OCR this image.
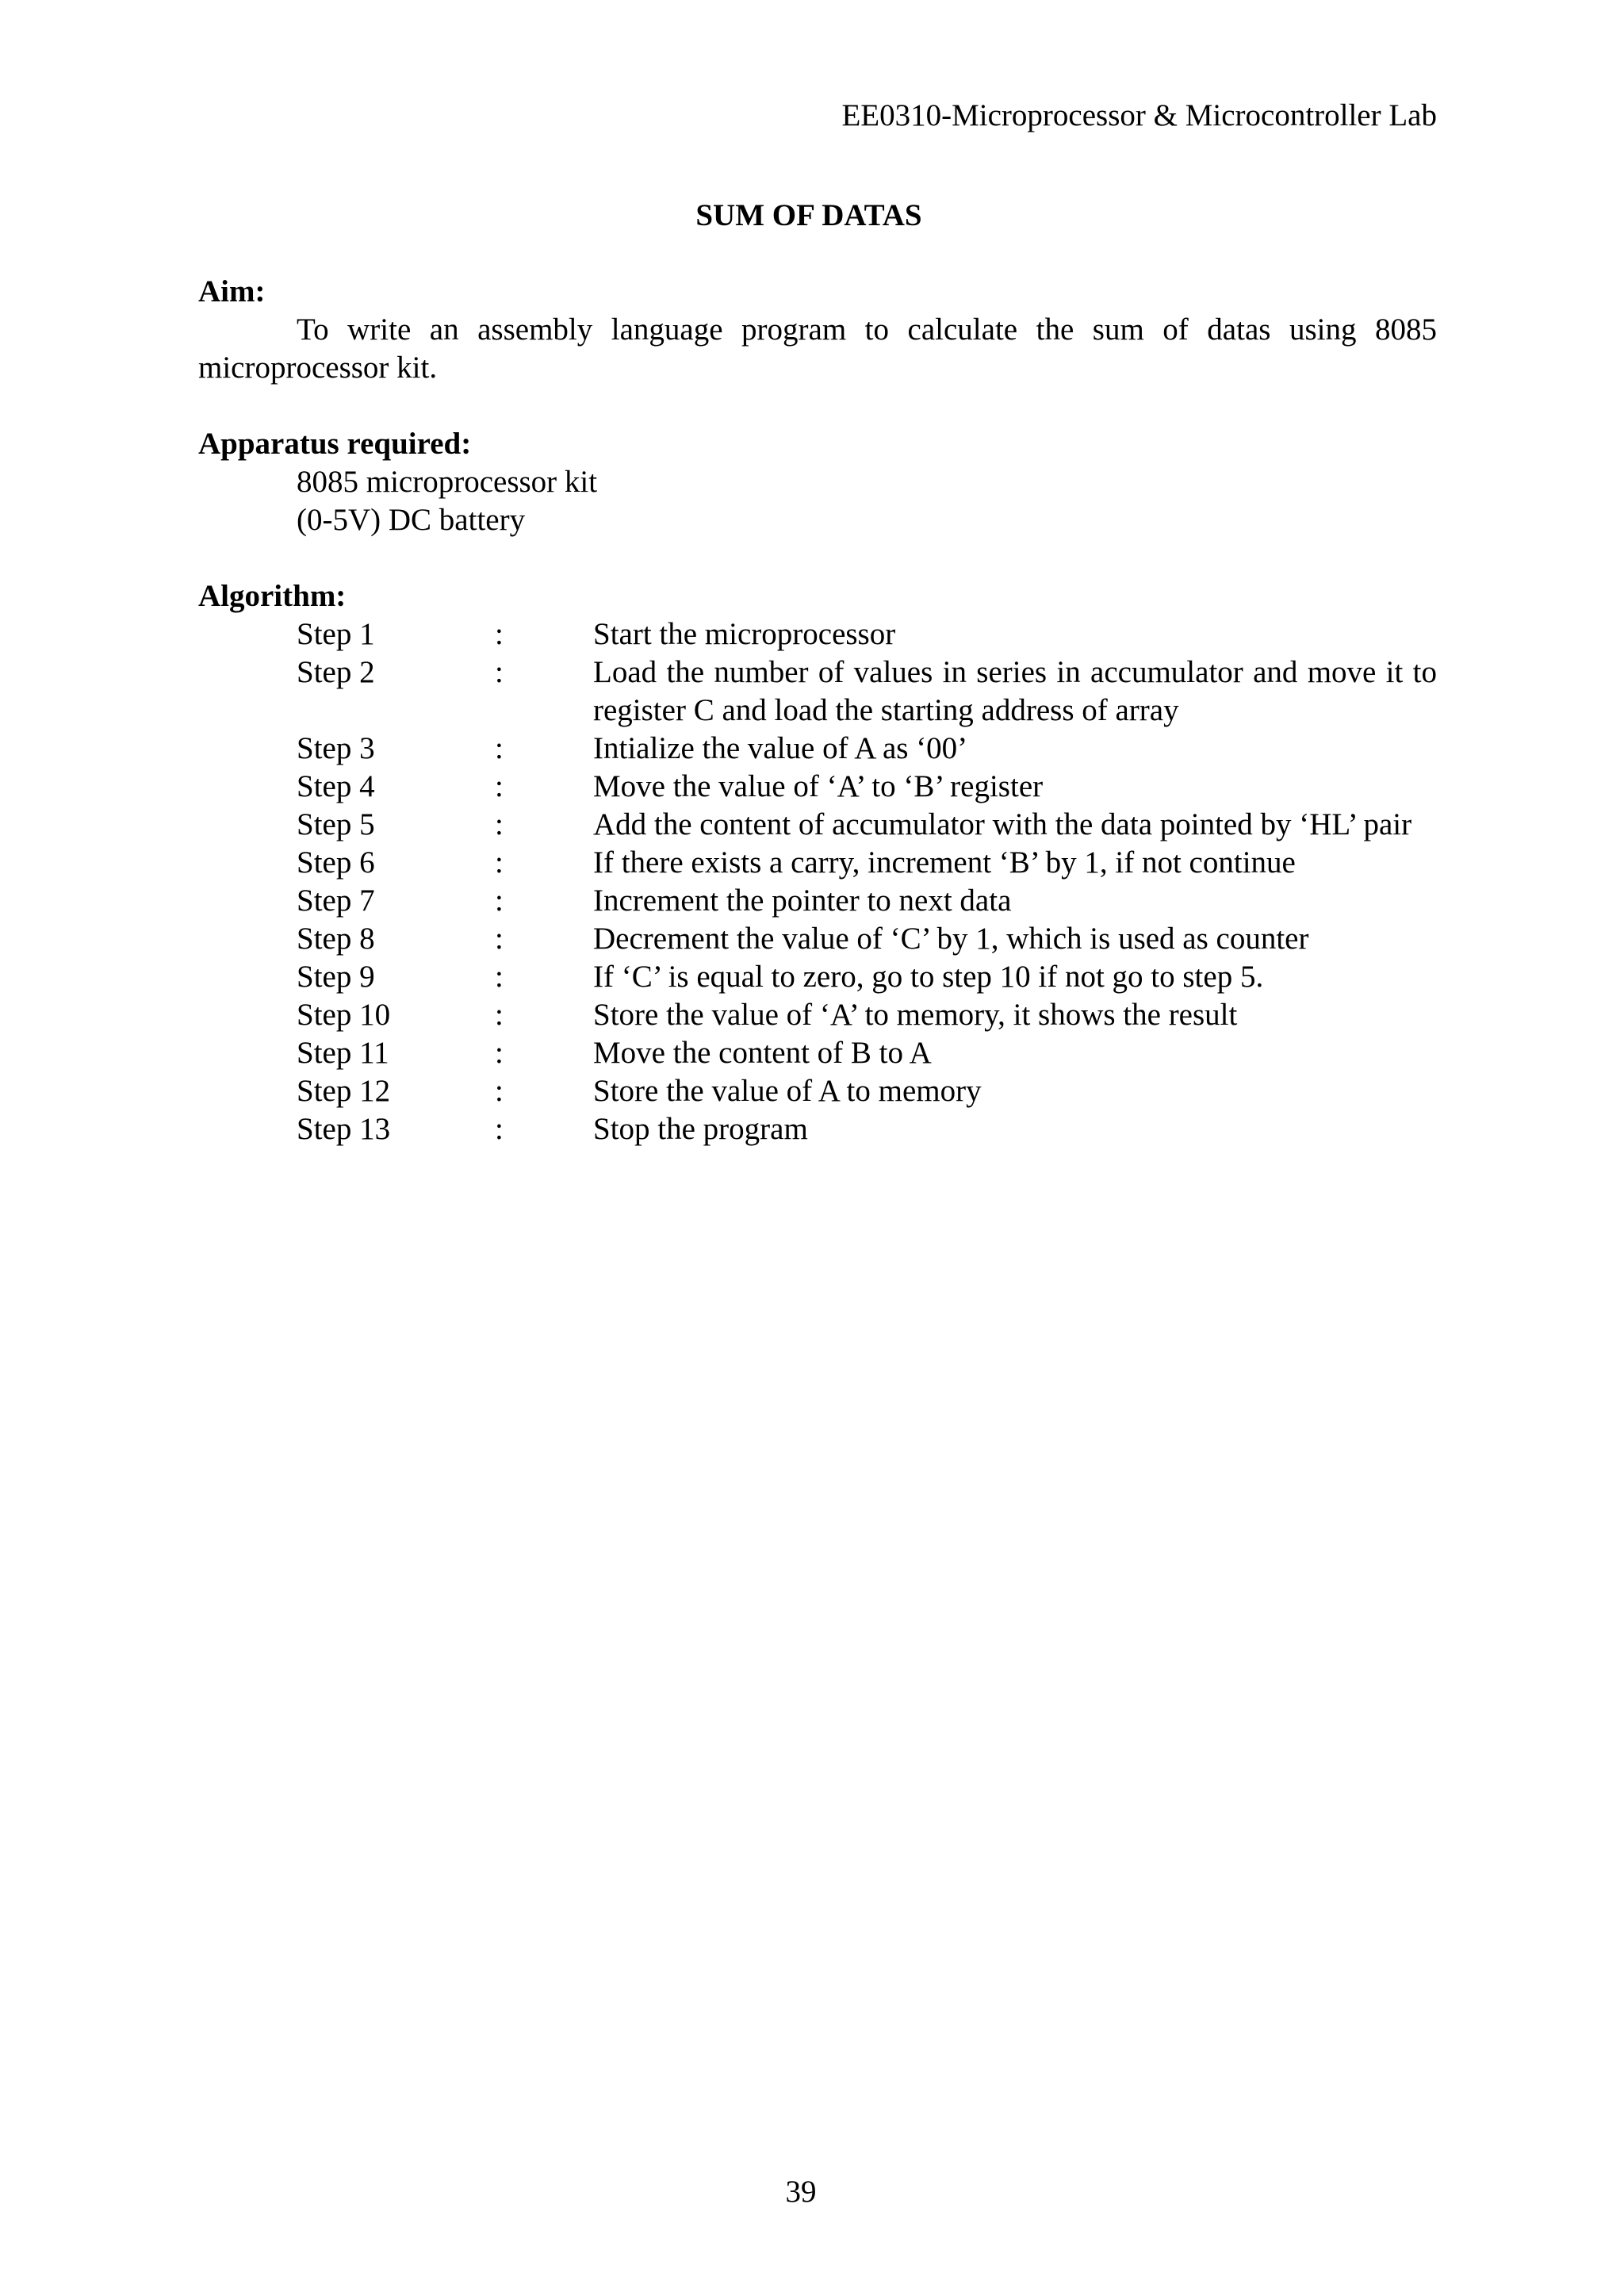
EE0310-Microprocessor & Microcontroller Lab
SUM OF DATAS

Aim:

To write an assembly language program to calculate the sum of datas using 8085 microprocessor kit.

Apparatus required:

8085 microprocessor kit

(0-5V) DC battery

Algorithm:

Step 1	:	Start the microprocessor
Step 2	:	Load the number of values in series in accumulator and move it to register C and load the starting address of array
Step 3	:	Intialize the value of A as ‘00’
Step 4	:	Move the value of ‘A’ to ‘B’ register
Step 5	:	Add the content of accumulator with the data pointed by ‘HL’ pair
Step 6	:	If there exists a carry, increment ‘B’ by 1, if not continue
Step 7	:	Increment the pointer to next data
Step 8	:	Decrement the value of ‘C’ by 1, which is used as counter
Step 9	:	If ‘C’ is equal to zero, go to step 10 if not go to step 5.
Step 10	:	Store the value of ‘A’ to memory, it shows the result
Step 11	:	Move the content of B to A
Step 12	:	Store the value of A to memory
Step 13	:	Stop the program
39
